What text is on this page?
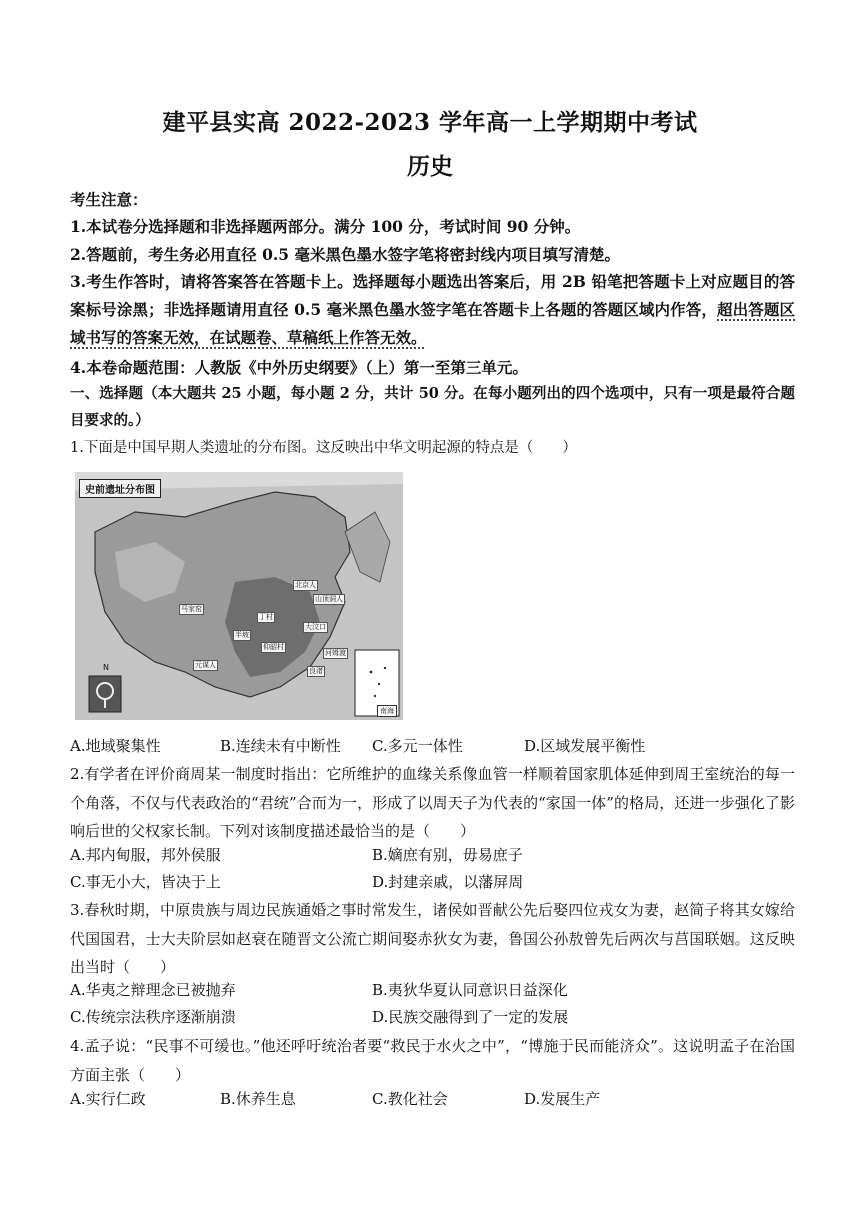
建平县实高 2022-2023 学年高一上学期期中考试
历史
考生注意：
1.本试卷分选择题和非选择题两部分。满分 100 分，考试时间 90 分钟。
2.答题前，考生务必用直径 0.5 毫米黑色墨水签字笔将密封线内项目填写清楚。
3.考生作答时，请将答案答在答题卡上。选择题每小题选出答案后，用 2B 铅笔把答题卡上对应题目的答案标号涂黑；非选择题请用直径 0.5 毫米黑色墨水签字笔在答题卡上各题的答题区域内作答，超出答题区域书写的答案无效，在试题卷、草稿纸上作答无效。
4.本卷命题范围：人教版《中外历史纲要》（上）第一至第三单元。
一、选择题（本大题共 25 小题，每小题 2 分，共计 50 分。在每小题列出的四个选项中，只有一项是最符合题目要求的。）
1.下面是中国早期人类遗址的分布图。这反映出中华文明起源的特点是（　　）
N
史前遗址分布图
南海
北京人
山顶洞人
丁村
马家窑
半坡
大汶口
河姆渡
元谋人
仰韶村
良渚
A.地域聚集性	B.连续未有中断性 C.多元一体性	D.区域发展平衡性
2.有学者在评价商周某一制度时指出：它所维护的血缘关系像血管一样顺着国家肌体延伸到周王室统治的每一个角落，不仅与代表政治的“君统”合而为一，形成了以周天子为代表的“家国一体”的格局，还进一步强化了影响后世的父权家长制。下列对该制度描述最恰当的是（　　）
A.邦内甸服，邦外侯服	B.嫡庶有别，毋易庶子
C.事无小大，皆决于上	D.封建亲戚，以藩屏周
3.春秋时期，中原贵族与周边民族通婚之事时常发生，诸侯如晋献公先后娶四位戎女为妻，赵简子将其女嫁给代国国君，士大夫阶层如赵衰在随晋文公流亡期间娶赤狄女为妻，鲁国公孙敖曾先后两次与莒国联姻。这反映出当时（　　）
A.华夷之辩理念已被抛弃	B.夷狄华夏认同意识日益深化
C.传统宗法秩序逐渐崩溃	D.民族交融得到了一定的发展
4.孟子说：“民事不可缓也。”他还呼吁统治者要“救民于水火之中”，“博施于民而能济众”。这说明孟子在治国方面主张（　　）
A.实行仁政	B.休养生息	C.教化社会	D.发展生产
